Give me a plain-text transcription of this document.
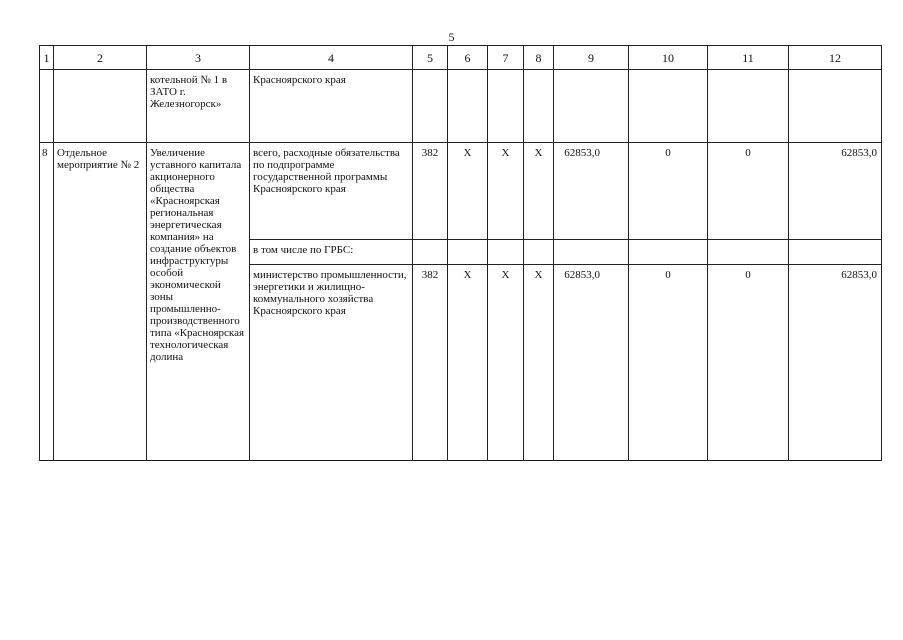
5
1	2	3	4	5	6	7	8	9	10	11	12
		котельной № 1 в ЗАТО г. Железногорск»	Красноярского края								
8	Отдельное мероприятие № 2	Увеличение уставного капитала акционерного общества «Красноярская региональная энергетическая компания» на создание объектов инфраструктуры особой экономической зоны промышленно-производственного типа «Красноярская технологическая долина	всего, расходные обязательства по подпрограмме государственной программы Красноярского края	382	X	X	X	62853,0	0	0	62853,0
			в том числе по ГРБС:								
			министерство промышленности, энергетики и жилищно-коммунального хозяйства Красноярского края	382	X	X	X	62853,0	0	0	62853,0
